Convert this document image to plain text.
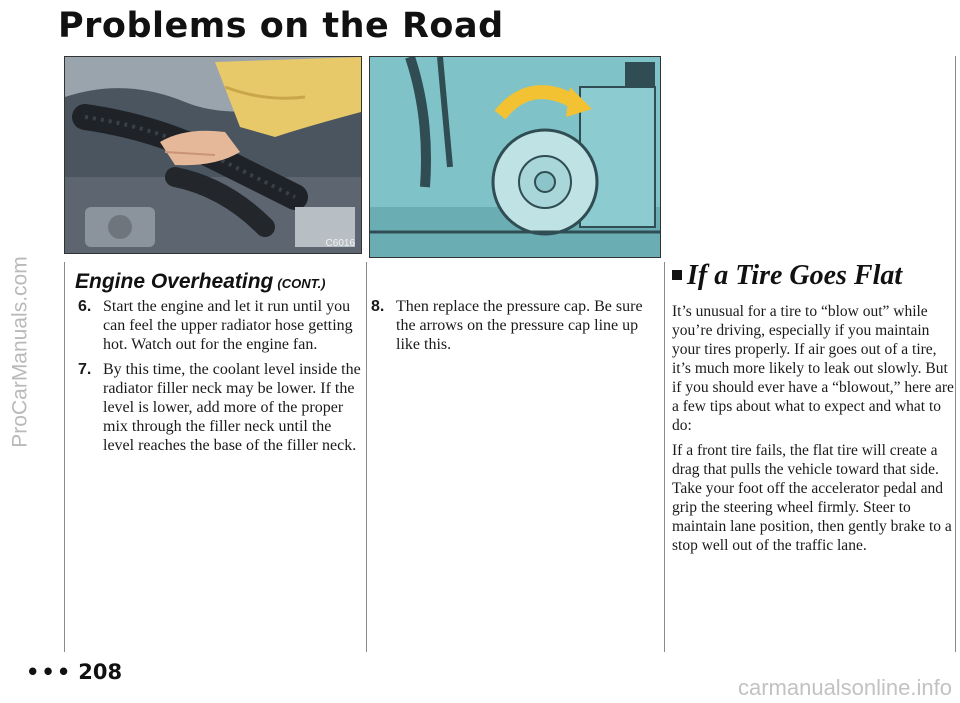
Problems on the Road
ProCarManuals.com
C6016
Engine Overheating (CONT.)
6. Start the engine and let it run until you can feel the upper radiator hose getting hot. Watch out for the engine fan.
7. By this time, the coolant level inside the radiator filler neck may be lower. If the level is lower, add more of the proper mix through the filler neck until the level reaches the base of the filler neck.
8. Then replace the pressure cap. Be sure the arrows on the pressure cap line up like this.
If a Tire Goes Flat

It’s unusual for a tire to “blow out” while you’re driving, especially if you maintain your tires properly. If air goes out of a tire, it’s much more likely to leak out slowly. But if you should ever have a “blowout,” here are a few tips about what to expect and what to do:

If a front tire fails, the flat tire will create a drag that pulls the vehicle toward that side. Take your foot off the accelerator pedal and grip the steering wheel firmly. Steer to maintain lane position, then gently brake to a stop well out of the traffic lane.

••• 208
carmanualsonline.info
